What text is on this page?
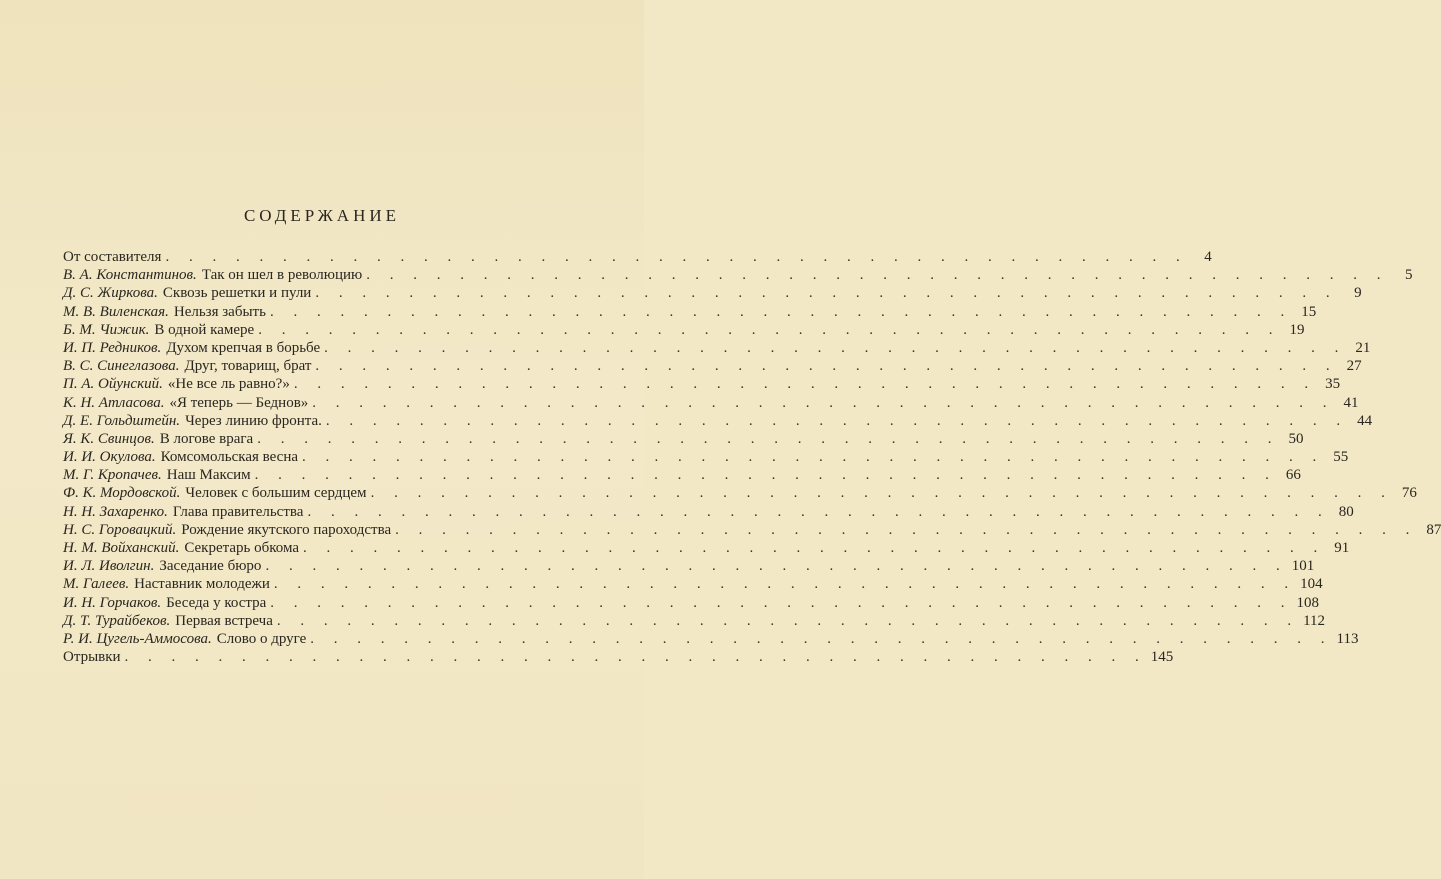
СОДЕРЖАНИЕ
От составителя . . .	4
В. А. Константинов. Так он шел в революцию . . .	5
Д. С. Жиркова. Сквозь решетки и пули . . .	9
М. В. Виленская. Нельзя забыть . . .	15
Б. М. Чижик. В одной камере . . .	19
И. П. Редников. Духом крепчая в борьбе . . .	21
В. С. Синеглазова. Друг, товарищ, брат . . .	27
П. А. Ойунский. «Не все ль равно?» . . .	35
К. Н. Атласова. «Я теперь — Беднов» . . .	41
Д. Е. Гольдштейн. Через линию фронта. . . .	44
Я. К. Свинцов. В логове врага . . .	50
И. И. Окулова. Комсомольская весна . . .	55
М. Г. Кропачев. Наш Максим . . .	66
Ф. К. Мордовской. Человек с большим сердцем . . .	76
Н. Н. Захаренко. Глава правительства . . .	80
Н. С. Горовацкий. Рождение якутского пароходства . . .	87
Н. М. Войханский. Секретарь обкома . . .	91
И. Л. Иволгин. Заседание бюро . . .	101
М. Галеев. Наставник молодежи . . .	104
И. Н. Горчаков. Беседа у костра . . .	108
Д. Т. Турайбеков. Первая встреча . . .	112
Р. И. Цугель-Аммосова. Слово о друге . . .	113
Отрывки . . .	145
